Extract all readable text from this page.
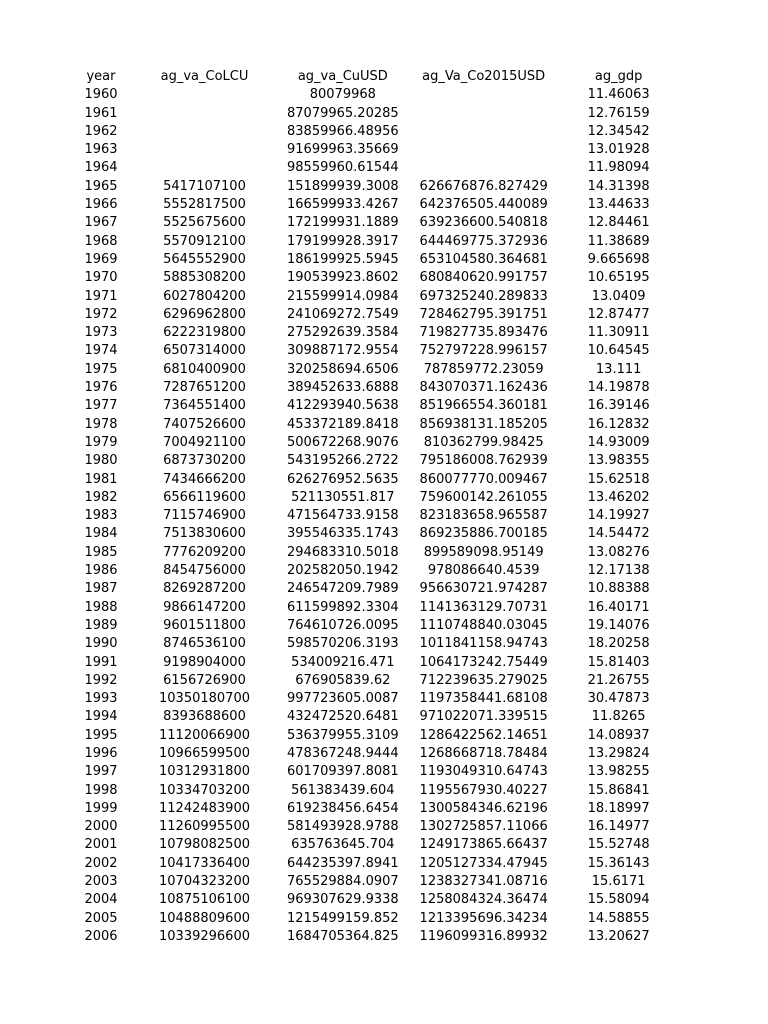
year	ag_va_CoLCU	ag_va_CuUSD	ag_Va_Co2015USD	ag_gdp
1960		80079968		11.46063
1961		87079965.20285		12.76159
1962		83859966.48956		12.34542
1963		91699963.35669		13.01928
1964		98559960.61544		11.98094
1965	5417107100	151899939.3008	626676876.827429	14.31398
1966	5552817500	166599933.4267	642376505.440089	13.44633
1967	5525675600	172199931.1889	639236600.540818	12.84461
1968	5570912100	179199928.3917	644469775.372936	11.38689
1969	5645552900	186199925.5945	653104580.364681	9.665698
1970	5885308200	190539923.8602	680840620.991757	10.65195
1971	6027804200	215599914.0984	697325240.289833	13.0409
1972	6296962800	241069272.7549	728462795.391751	12.87477
1973	6222319800	275292639.3584	719827735.893476	11.30911
1974	6507314000	309887172.9554	752797228.996157	10.64545
1975	6810400900	320258694.6506	787859772.23059	13.111
1976	7287651200	389452633.6888	843070371.162436	14.19878
1977	7364551400	412293940.5638	851966554.360181	16.39146
1978	7407526600	453372189.8418	856938131.185205	16.12832
1979	7004921100	500672268.9076	810362799.98425	14.93009
1980	6873730200	543195266.2722	795186008.762939	13.98355
1981	7434666200	626276952.5635	860077770.009467	15.62518
1982	6566119600	521130551.817	759600142.261055	13.46202
1983	7115746900	471564733.9158	823183658.965587	14.19927
1984	7513830600	395546335.1743	869235886.700185	14.54472
1985	7776209200	294683310.5018	899589098.95149	13.08276
1986	8454756000	202582050.1942	978086640.4539	12.17138
1987	8269287200	246547209.7989	956630721.974287	10.88388
1988	9866147200	611599892.3304	1141363129.70731	16.40171
1989	9601511800	764610726.0095	1110748840.03045	19.14076
1990	8746536100	598570206.3193	1011841158.94743	18.20258
1991	9198904000	534009216.471	1064173242.75449	15.81403
1992	6156726900	676905839.62	712239635.279025	21.26755
1993	10350180700	997723605.0087	1197358441.68108	30.47873
1994	8393688600	432472520.6481	971022071.339515	11.8265
1995	11120066900	536379955.3109	1286422562.14651	14.08937
1996	10966599500	478367248.9444	1268668718.78484	13.29824
1997	10312931800	601709397.8081	1193049310.64743	13.98255
1998	10334703200	561383439.604	1195567930.40227	15.86841
1999	11242483900	619238456.6454	1300584346.62196	18.18997
2000	11260995500	581493928.9788	1302725857.11066	16.14977
2001	10798082500	635763645.704	1249173865.66437	15.52748
2002	10417336400	644235397.8941	1205127334.47945	15.36143
2003	10704323200	765529884.0907	1238327341.08716	15.6171
2004	10875106100	969307629.9338	1258084324.36474	15.58094
2005	10488809600	1215499159.852	1213395696.34234	14.58855
2006	10339296600	1684705364.825	1196099316.89932	13.20627
